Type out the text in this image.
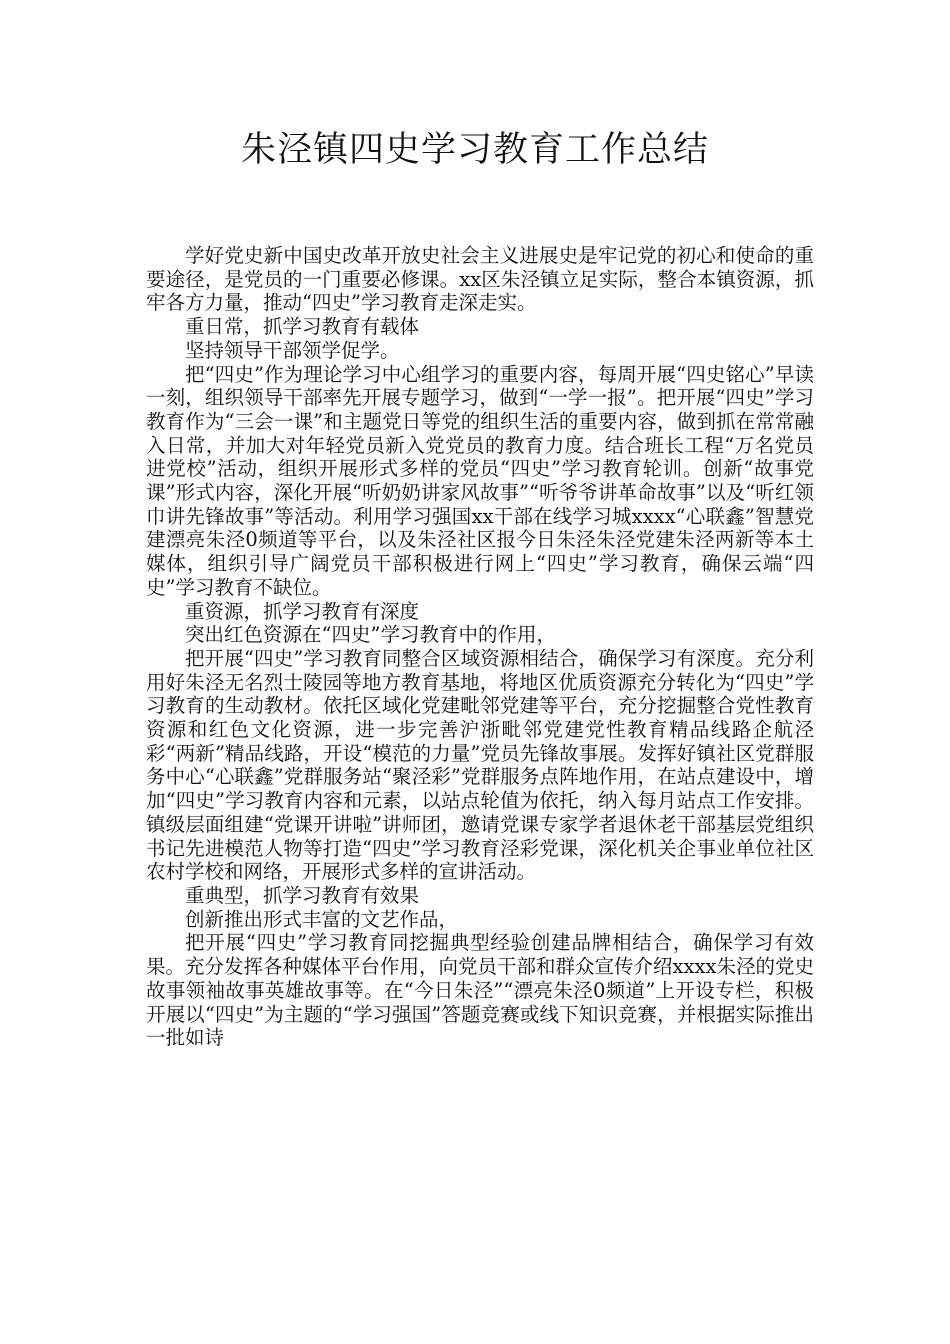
朱泾镇四史学习教育工作总结

学好党史新中国史改革开放史社会主义进展史是牢记党的初心和使命的重要途径，是党员的一门重要必修课。xx区朱泾镇立足实际，整合本镇资源，抓牢各方力量，推动“四史”学习教育走深走实。

重日常，抓学习教育有载体

坚持领导干部领学促学。

把“四史”作为理论学习中心组学习的重要内容，每周开展“四史铭心”早读一刻，组织领导干部率先开展专题学习，做到“一学一报”。把开展“四史”学习教育作为“三会一课”和主题党日等党的组织生活的重要内容，做到抓在常常融入日常，并加大对年轻党员新入党党员的教育力度。结合班长工程“万名党员进党校”活动，组织开展形式多样的党员“四史”学习教育轮训。创新“故事党课”形式内容，深化开展“听奶奶讲家风故事”“听爷爷讲革命故事”以及“听红领巾讲先锋故事”等活动。利用学习强国xx干部在线学习城xxxx“心联鑫”智慧党建漂亮朱泾0频道等平台，以及朱泾社区报今日朱泾朱泾党建朱泾两新等本土媒体，组织引导广阔党员干部积极进行网上“四史”学习教育，确保云端“四史”学习教育不缺位。

重资源，抓学习教育有深度

突出红色资源在“四史”学习教育中的作用，

把开展“四史”学习教育同整合区域资源相结合，确保学习有深度。充分利用好朱泾无名烈士陵园等地方教育基地，将地区优质资源充分转化为“四史”学习教育的生动教材。依托区域化党建毗邻党建等平台，充分挖掘整合党性教育资源和红色文化资源，进一步完善沪浙毗邻党建党性教育精品线路企航泾彩“两新”精品线路，开设“模范的力量”党员先锋故事展。发挥好镇社区党群服务中心“心联鑫”党群服务站“聚泾彩”党群服务点阵地作用，在站点建设中，增加“四史”学习教育内容和元素，以站点轮值为依托，纳入每月站点工作安排。镇级层面组建“党课开讲啦”讲师团，邀请党课专家学者退休老干部基层党组织书记先进模范人物等打造“四史”学习教育泾彩党课，深化机关企事业单位社区农村学校和网络，开展形式多样的宣讲活动。

重典型，抓学习教育有效果

创新推出形式丰富的文艺作品，

把开展“四史”学习教育同挖掘典型经验创建品牌相结合，确保学习有效果。充分发挥各种媒体平台作用，向党员干部和群众宣传介绍xxxx朱泾的党史故事领袖故事英雄故事等。在“今日朱泾”“漂亮朱泾0频道”上开设专栏，积极开展以“四史”为主题的“学习强国”答题竞赛或线下知识竞赛，并根据实际推出一批如诗
